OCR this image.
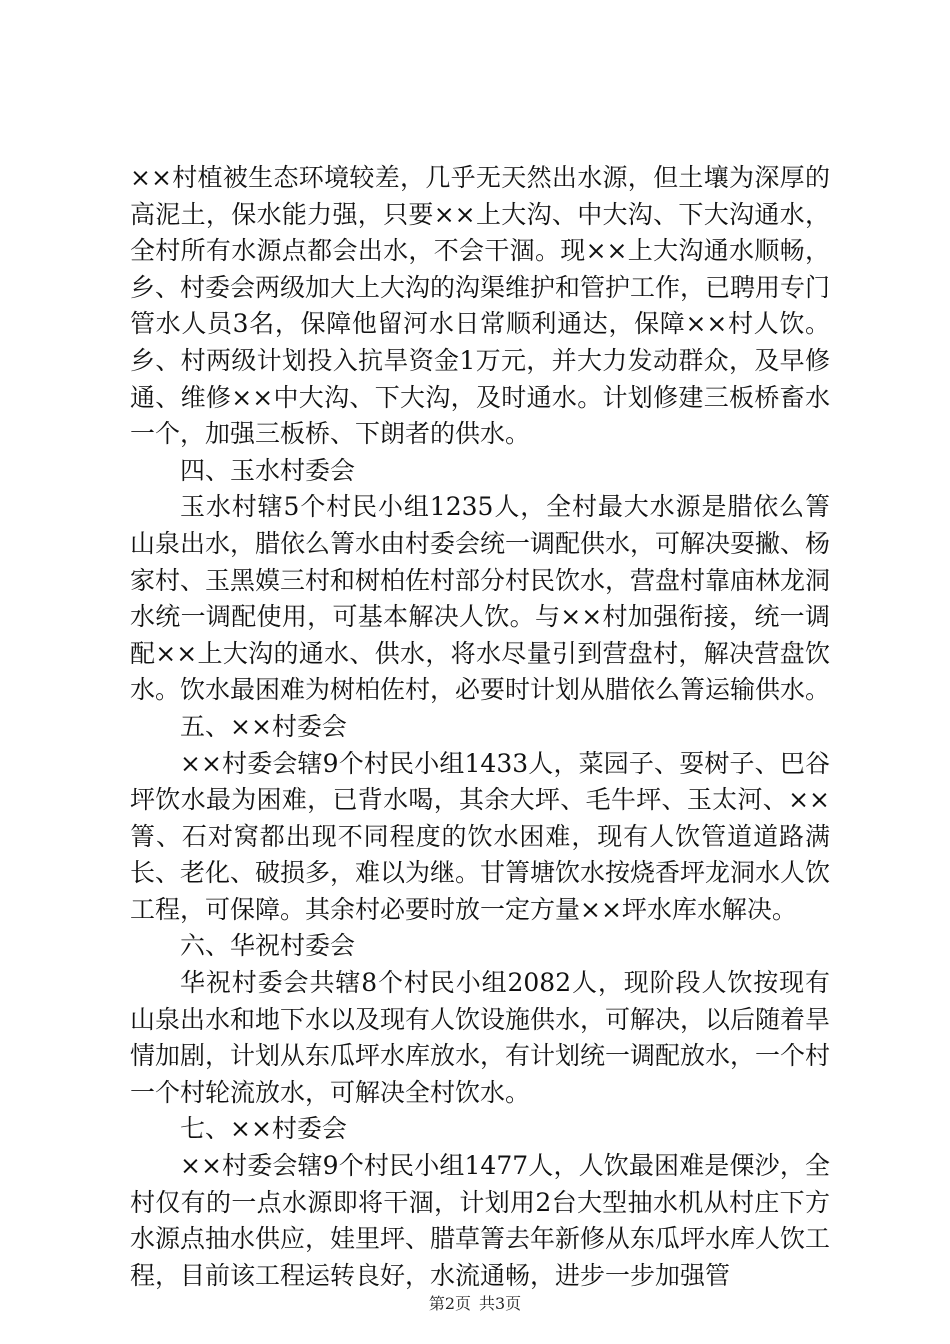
××村植被生态环境较差，几乎无天然出水源，但土壤为深厚的高泥土，保水能力强，只要××上大沟、中大沟、下大沟通水，全村所有水源点都会出水，不会干涸。现××上大沟通水顺畅，乡、村委会两级加大上大沟的沟渠维护和管护工作，已聘用专门管水人员3名，保障他留河水日常顺利通达，保障××村人饮。乡、村两级计划投入抗旱资金1万元，并大力发动群众，及早修通、维修××中大沟、下大沟，及时通水。计划修建三板桥畜水一个，加强三板桥、下朗者的供水。

四、玉水村委会

玉水村辖5个村民小组1235人，全村最大水源是腊依么箐山泉出水，腊依么箐水由村委会统一调配供水，可解决耍撇、杨家村、玉黑嫫三村和树柏佐村部分村民饮水，营盘村靠庙林龙洞水统一调配使用，可基本解决人饮。与××村加强衔接，统一调配××上大沟的通水、供水，将水尽量引到营盘村，解决营盘饮水。饮水最困难为树柏佐村，必要时计划从腊依么箐运输供水。

五、××村委会

××村委会辖9个村民小组1433人，菜园子、耍树子、巴谷坪饮水最为困难，已背水喝，其余大坪、毛牛坪、玉太河、××箐、石对窝都出现不同程度的饮水困难，现有人饮管道道路满长、老化、破损多，难以为继。甘箐塘饮水按烧香坪龙洞水人饮工程，可保障。其余村必要时放一定方量××坪水库水解决。

六、华祝村委会

华祝村委会共辖8个村民小组2082人，现阶段人饮按现有山泉出水和地下水以及现有人饮设施供水，可解决，以后随着旱情加剧，计划从东瓜坪水库放水，有计划统一调配放水，一个村一个村轮流放水，可解决全村饮水。

七、××村委会

××村委会辖9个村民小组1477人，人饮最困难是傈沙，全村仅有的一点水源即将干涸，计划用2台大型抽水机从村庄下方水源点抽水供应，娃里坪、腊草箐去年新修从东瓜坪水库人饮工程，目前该工程运转良好，水流通畅，进步一步加强管

第2页 共3页
